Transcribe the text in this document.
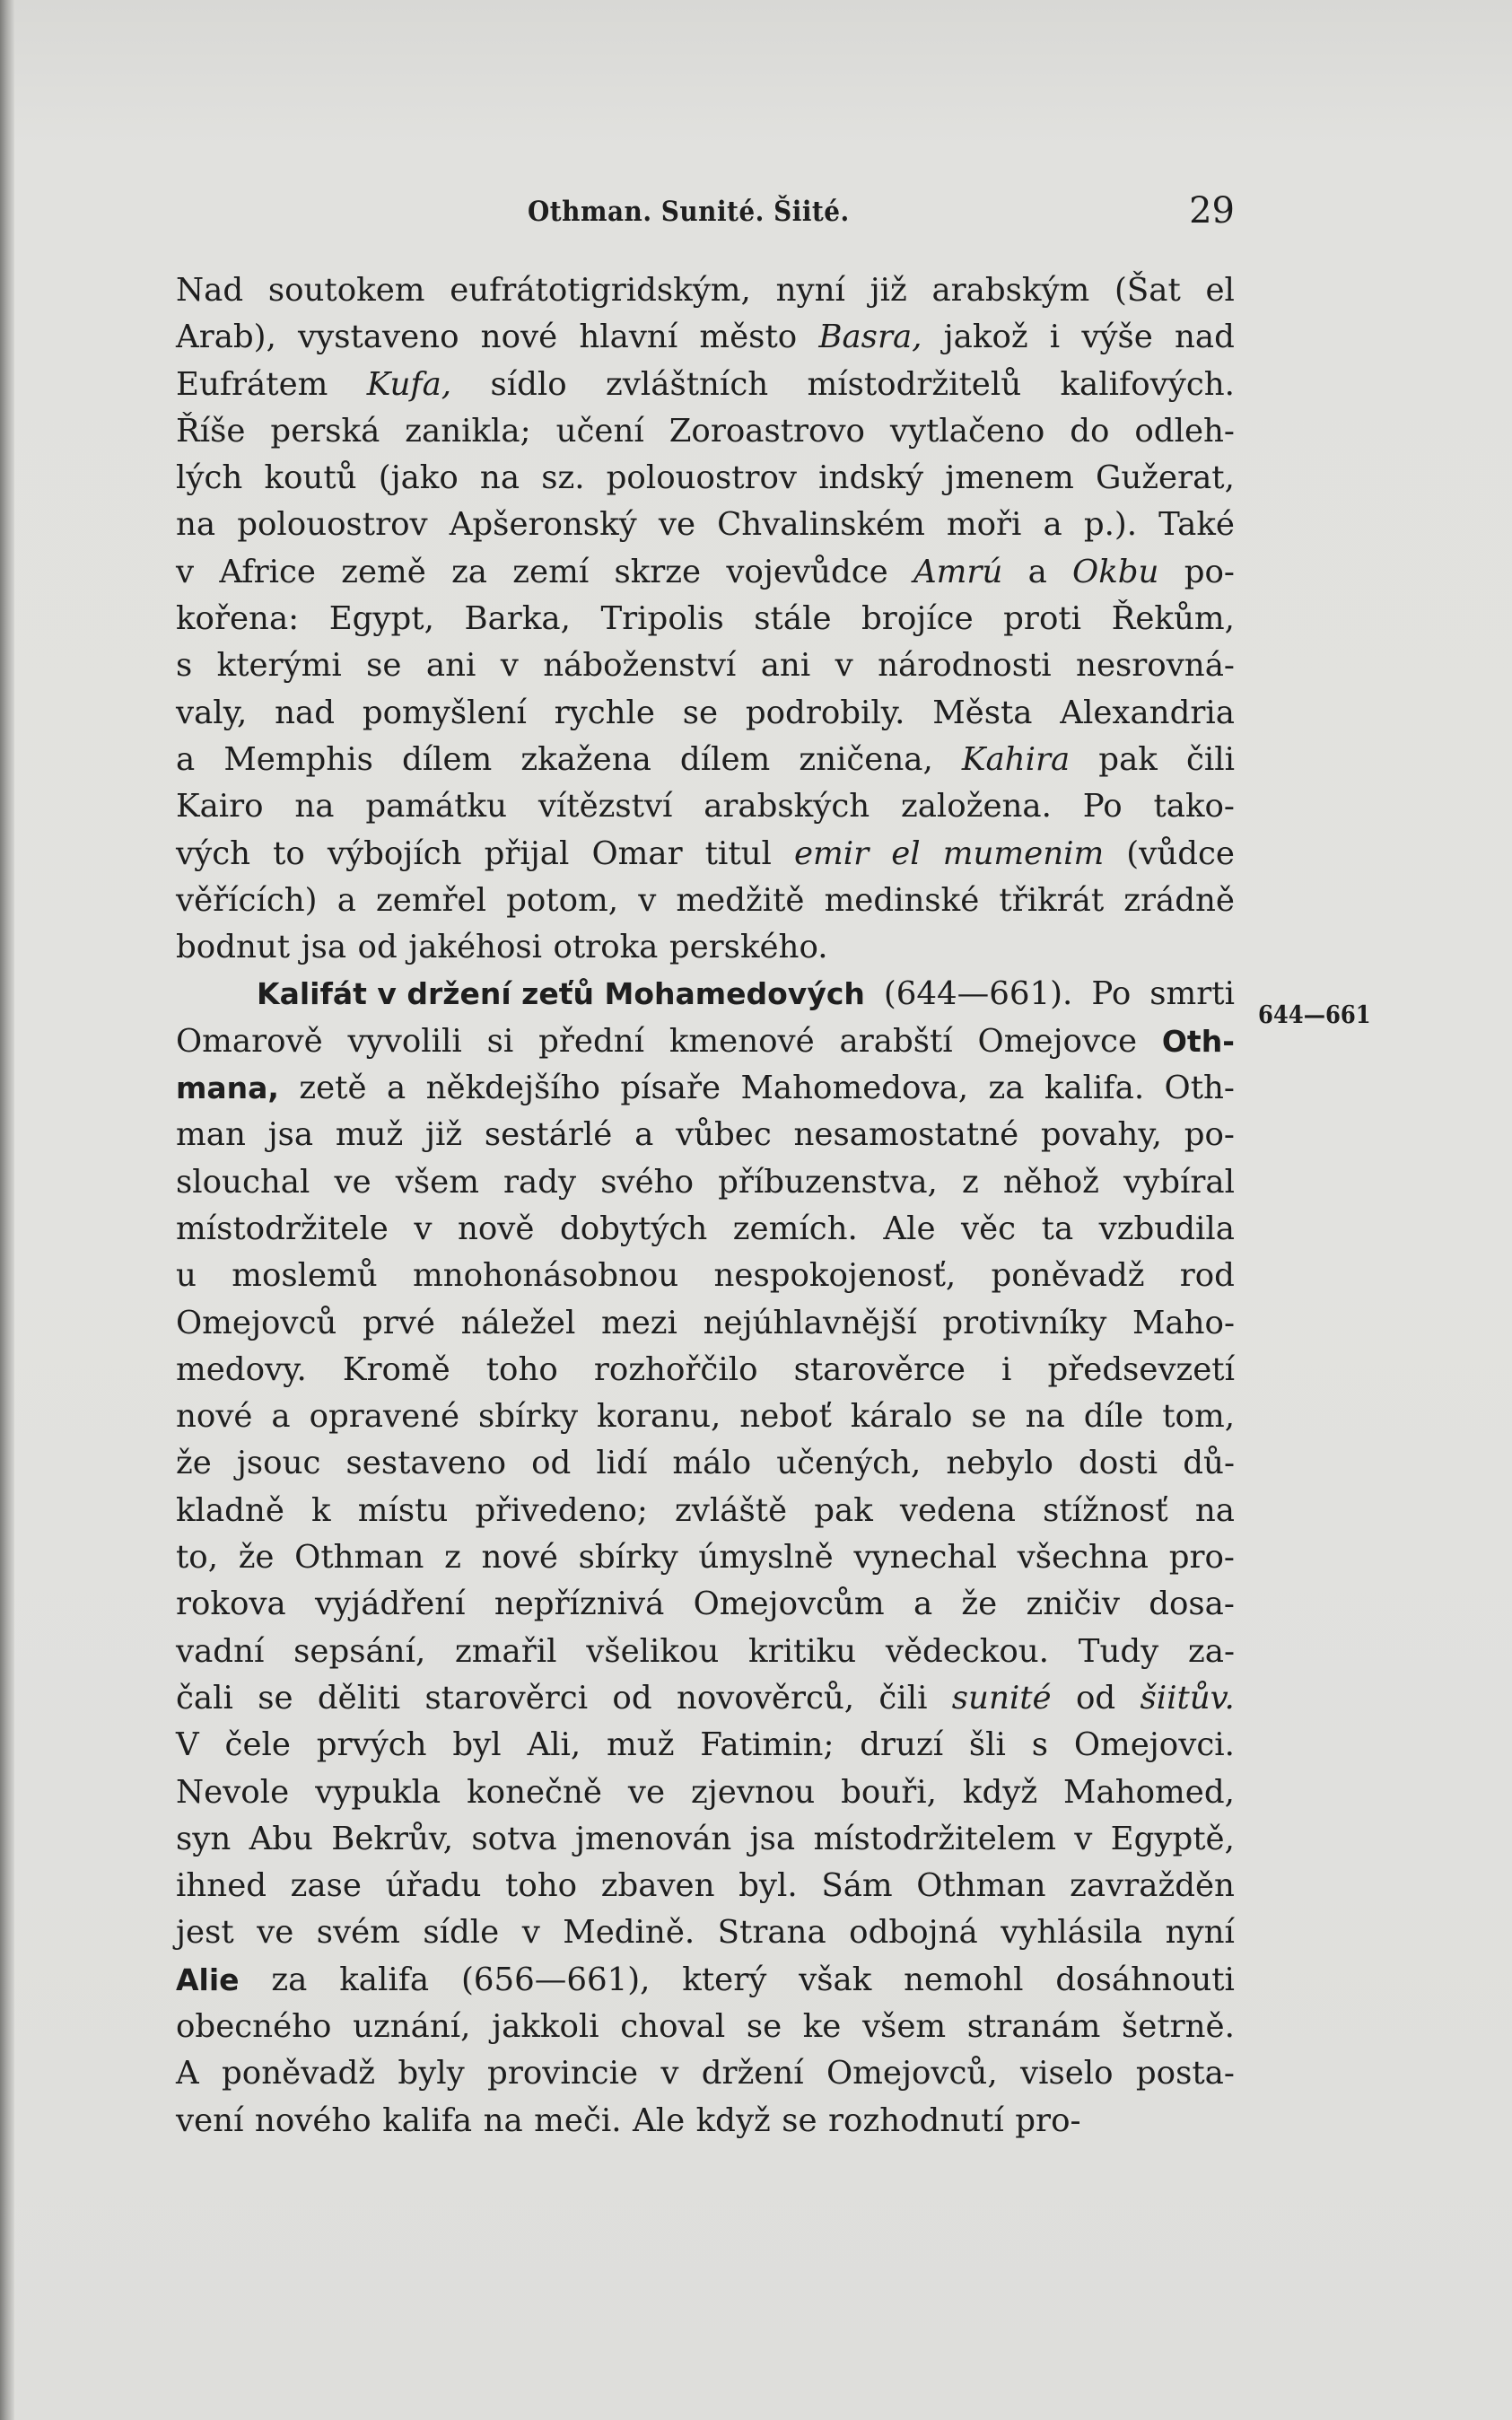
Othman. Sunité. Šiité.	29
Nad soutokem eufrátotigridským, nyní již arabským (Šat el
Arab), vystaveno nové hlavní město Basra, jakož i výše nad
Eufrátem Kufa, sídlo zvláštních místodržitelů kalifových.
Říše perská zanikla; učení Zoroastrovo vytlačeno do odleh-
lých koutů (jako na sz. polouostrov indský jmenem Gužerat,
na polouostrov Apšeronský ve Chvalinském moři a p.). Také
v Africe země za zemí skrze vojevůdce Amrú a Okbu po-
kořena: Egypt, Barka, Tripolis stále brojíce proti Řekům,
s kterými se ani v náboženství ani v národnosti nesrovná-
valy, nad pomyšlení rychle se podrobily. Města Alexandria
a Memphis dílem zkažena dílem zničena, Kahira pak čili
Kairo na památku vítězství arabských založena. Po tako-
vých to výbojích přijal Omar titul emir el mumenim (vůdce
věřících) a zemřel potom, v medžitě medinské třikrát zrádně
bodnut jsa od jakéhosi otroka perského.
Kalifát v držení zeťů Mohamedových (644—661). Po smrti
Omarově vyvolili si přední kmenové arabští Omejovce Oth-
mana, zetě a někdejšího písaře Mahomedova, za kalifa. Oth-
man jsa muž již sestárlé a vůbec nesamostatné povahy, po-
slouchal ve všem rady svého příbuzenstva, z něhož vybíral
místodržitele v nově dobytých zemích. Ale věc ta vzbudila
u moslemů mnohonásobnou nespokojenosť, poněvadž rod
Omejovců prvé náležel mezi nejúhlavnější protivníky Maho-
medovy. Kromě toho rozhořčilo starověrce i předsevzetí
nové a opravené sbírky koranu, neboť káralo se na díle tom,
že jsouc sestaveno od lidí málo učených, nebylo dosti dů-
kladně k místu přivedeno; zvláště pak vedena stížnosť na
to, že Othman z nové sbírky úmyslně vynechal všechna pro-
rokova vyjádření nepříznivá Omejovcům a že zničiv dosa-
vadní sepsání, zmařil všelikou kritiku vědeckou. Tudy za-
čali se děliti starověrci od novověrců, čili sunité od šiitův.
V čele prvých byl Ali, muž Fatimin; druzí šli s Omejovci.
Nevole vypukla konečně ve zjevnou bouři, když Mahomed,
syn Abu Bekrův, sotva jmenován jsa místodržitelem v Egyptě,
ihned zase úřadu toho zbaven byl. Sám Othman zavražděn
jest ve svém sídle v Medině. Strana odbojná vyhlásila nyní
Alie za kalifa (656—661), který však nemohl dosáhnouti
obecného uznání, jakkoli choval se ke všem stranám šetrně.
A poněvadž byly provincie v držení Omejovců, viselo posta-
vení nového kalifa na meči. Ale když se rozhodnutí pro-
644—661
